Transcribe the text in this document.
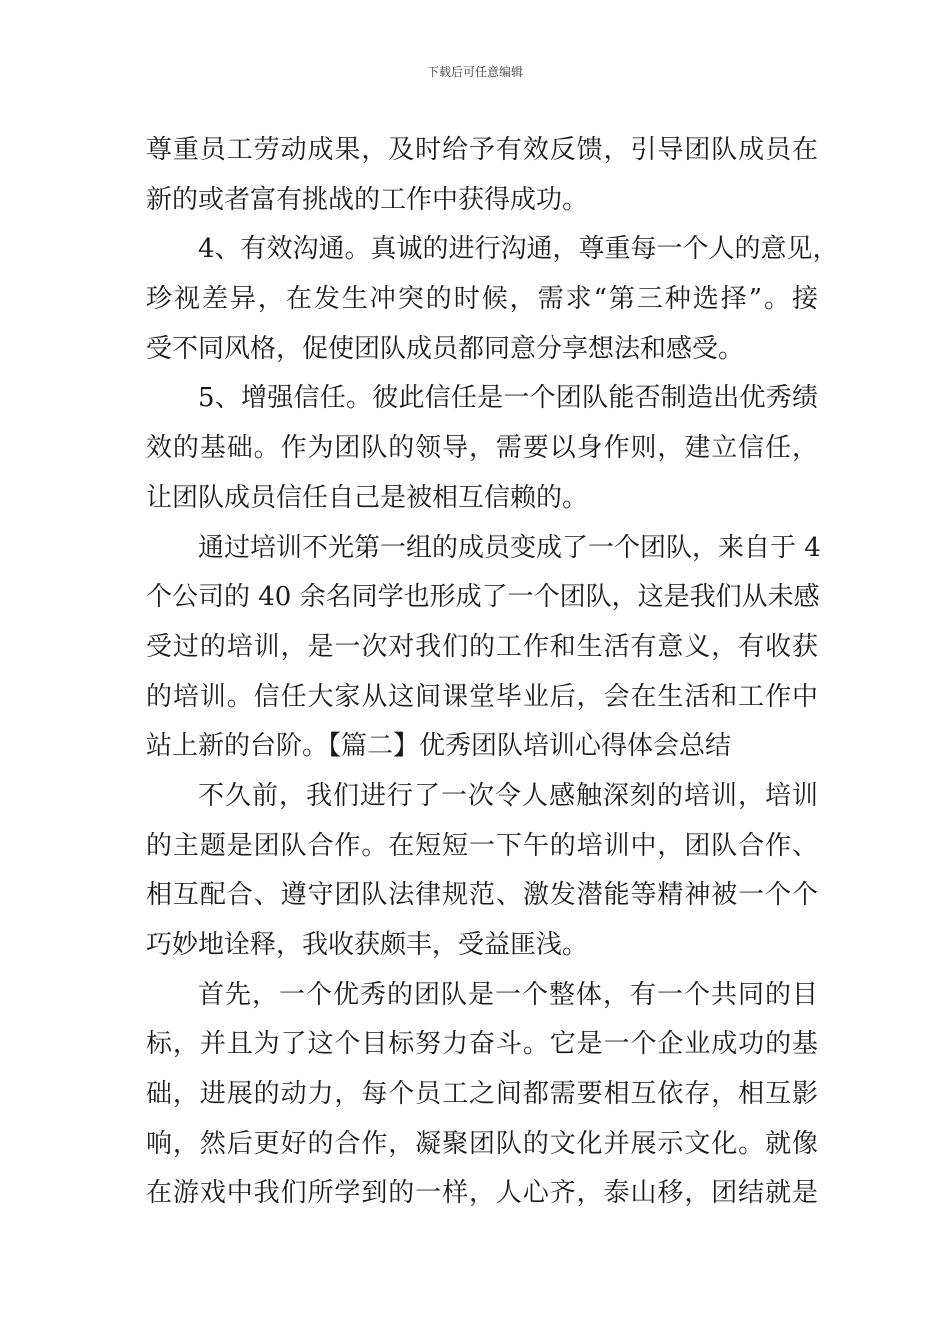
下载后可任意编辑
尊重员工劳动成果，及时给予有效反馈，引导团队成员在
新的或者富有挑战的工作中获得成功。
4、有效沟通。真诚的进行沟通，尊重每一个人的意见，
珍视差异，在发生冲突的时候，需求“第三种选择”。接
受不同风格，促使团队成员都同意分享想法和感受。
5、增强信任。彼此信任是一个团队能否制造出优秀绩
效的基础。作为团队的领导，需要以身作则，建立信任，
让团队成员信任自己是被相互信赖的。
通过培训不光第一组的成员变成了一个团队，来自于 4
个公司的 40 余名同学也形成了一个团队，这是我们从未感
受过的培训，是一次对我们的工作和生活有意义，有收获
的培训。信任大家从这间课堂毕业后，会在生活和工作中
站上新的台阶。【篇二】优秀团队培训心得体会总结
不久前，我们进行了一次令人感触深刻的培训，培训
的主题是团队合作。在短短一下午的培训中，团队合作、
相互配合、遵守团队法律规范、激发潜能等精神被一个个
巧妙地诠释，我收获颇丰，受益匪浅。
首先，一个优秀的团队是一个整体，有一个共同的目
标，并且为了这个目标努力奋斗。它是一个企业成功的基
础，进展的动力，每个员工之间都需要相互依存，相互影
响，然后更好的合作，凝聚团队的文化并展示文化。就像
在游戏中我们所学到的一样，人心齐，泰山移，团结就是
